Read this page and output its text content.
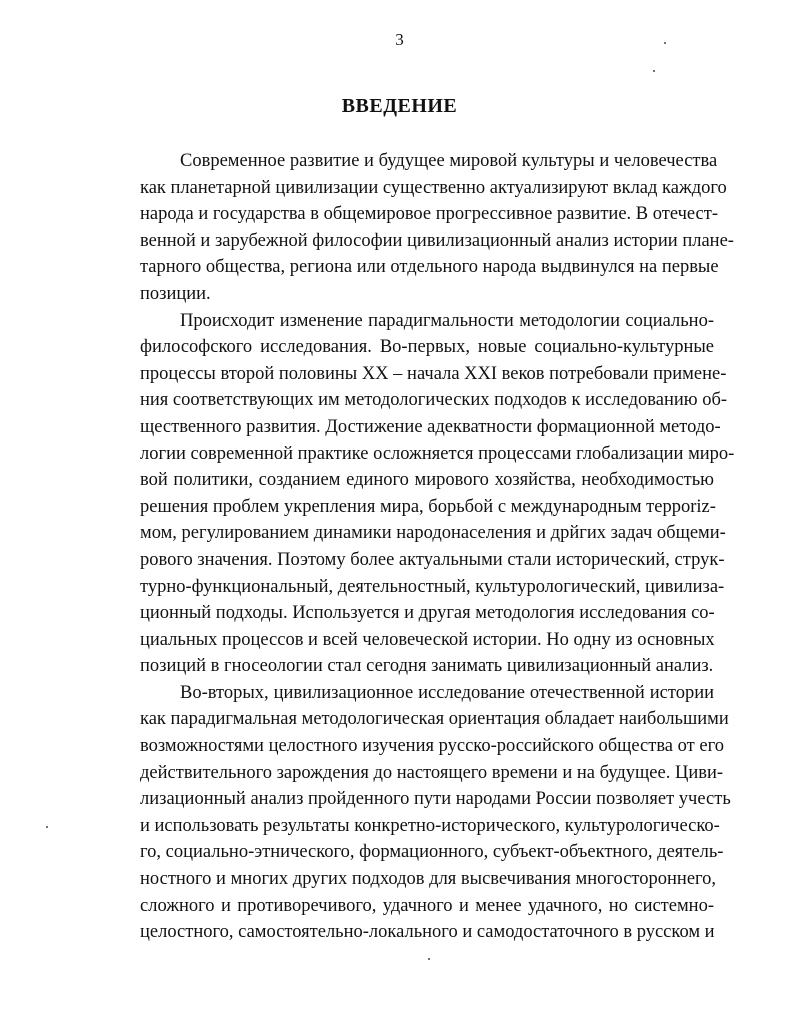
3
ВВЕДЕНИЕ
Современное развитие и будущее мировой культуры и человечества
как планетарной цивилизации существенно актуализируют вклад каждого
народа и государства в общемировое прогрессивное развитие. В отечест-
венной и зарубежной философии цивилизационный анализ истории плане-
тарного общества, региона или отдельного народа выдвинулся на первые
позиции.
Происходит изменение парадигмальности методологии социально-
философского исследования. Во-первых, новые социально-культурные
процессы второй половины XX – начала XXI веков потребовали примене-
ния соответствующих им методологических подходов к исследованию об-
щественного развития. Достижение адекватности формационной методо-
логии современной практике осложняется процессами глобализации миро-
вой политики, созданием единого мирового хозяйства, необходимостью
решения проблем укрепления мира, борьбой с международным терроriz-
мом, регулированием динамики народонаселения и дрйгих задач общеми-
рового значения. Поэтому более актуальными стали исторический, струк-
турно-функциональный, деятельностный, культурологический, цивилиза-
ционный подходы. Используется и другая методология исследования со-
циальных процессов и всей человеческой истории. Но одну из основных
позиций в гносеологии стал сегодня занимать цивилизационный анализ.
Во-вторых, цивилизационное исследование отечественной истории
как парадигмальная методологическая ориентация обладает наибольшими
возможностями целостного изучения русско-российского общества от его
действительного зарождения до настоящего времени и на будущее. Циви-
лизационный анализ пройденного пути народами России позволяет учесть
и использовать результаты конкретно-исторического, культурологическо-
го, социально-этнического, формационного, субъект-объектного, деятель-
ностного и многих других подходов для высвечивания многостороннего,
сложного и противоречивого, удачного и менее удачного, но системно-
целостного, самостоятельно-локального и самодостаточного в русском и
